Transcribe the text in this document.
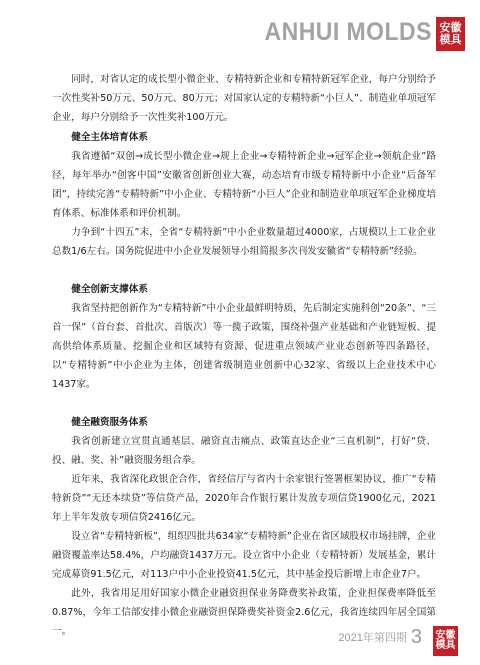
ANHUI MOLDS 安徽
模具

同时，对省认定的成长型小微企业、专精特新企业和专精特新冠军企业，每户分别给予一次性奖补50万元、50万元、80万元；对国家认定的专精特新“小巨人”、制造业单项冠军企业，每户分别给予一次性奖补100万元。

健全主体培育体系

我省遵循“双创→成长型小微企业→规上企业→专精特新企业→冠军企业→领航企业”路径，每年举办“创客中国”安徽省创新创业大赛，动态培育市级专精特新中小企业“后备军团”，持续完善“专精特新”中小企业、专精特新“小巨人”企业和制造业单项冠军企业梯度培育体系、标准体系和评价机制。

力争到“十四五”末，全省“专精特新”中小企业数量超过4000家，占规模以上工业企业总数1/6左右。国务院促进中小企业发展领导小组简报多次刊发安徽省“专精特新”经验。

健全创新支撑体系

我省坚持把创新作为“专精特新”中小企业最鲜明特质，先后制定实施科创“20条”、“三首一保”（首台套、首批次、首版次）等一揽子政策，围绕补强产业基础和产业链短板、提高供给体系质量、挖掘企业和区域特有资源、促进重点领域产业业态创新等四条路径，以“专精特新”中小企业为主体，创建省级制造业创新中心32家、省级以上企业技术中心1437家。

健全融资服务体系

我省创新建立宣贯直通基层、融资直击痛点、政策直达企业“三直机制”，打好“贷、投、融、奖、补”融资服务组合拳。

近年来，我省深化政银企合作，省经信厅与省内十余家银行签署框架协议，推广“专精特新贷”“无还本续贷”等信贷产品，2020年合作银行累计发放专项信贷1900亿元，2021年上半年发放专项信贷2416亿元。

设立省“专精特新板”，组织四批共634家“专精特新”企业在省区域股权市场挂牌，企业融资覆盖率达58.4%，户均融资1437万元。设立省中小企业（专精特新）发展基金，累计完成募资91.5亿元，对113户中小企业投资41.5亿元，其中基金投后新增上市企业7户。

此外，我省用足用好国家小微企业融资担保业务降费奖补政策，企业担保费率降低至0.87%，今年工信部安排小微企业融资担保降费奖补资金2.6亿元，我省连续四年居全国第一。

2021年第四期 3 安徽
模具
